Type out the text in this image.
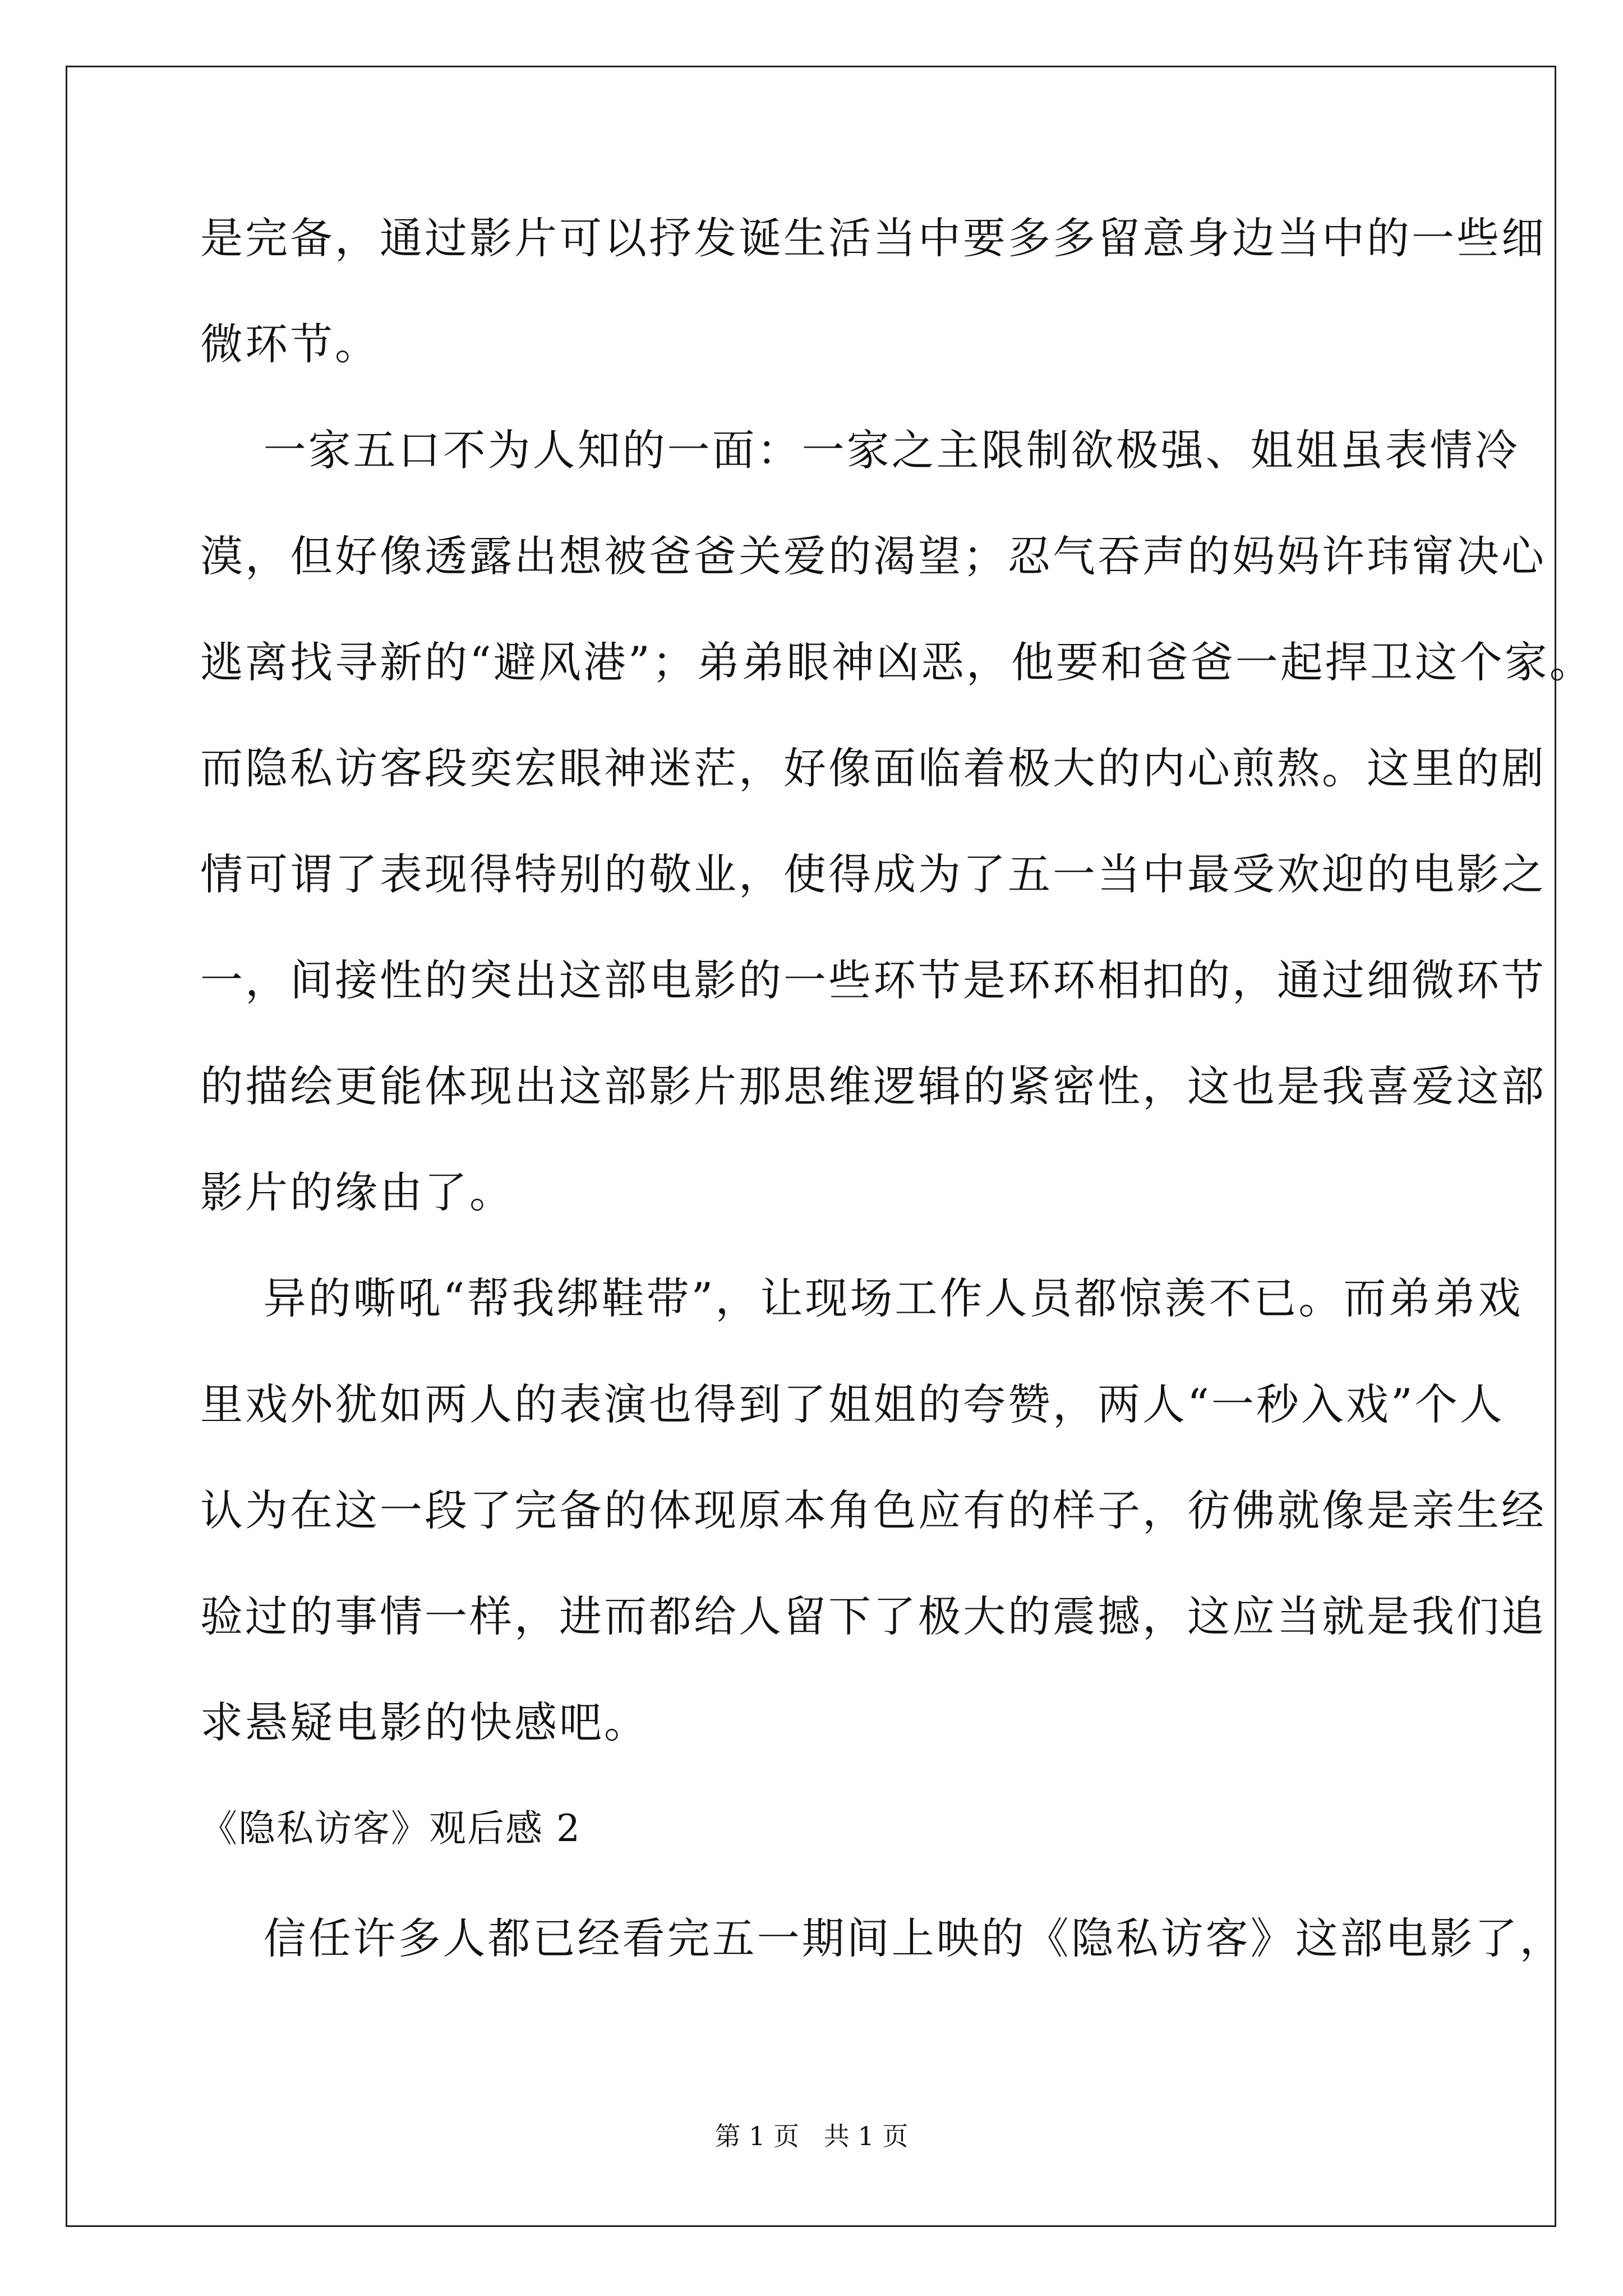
是完备，通过影片可以抒发诞生活当中要多多留意身边当中的一些细
微环节。
一家五口不为人知的一面：一家之主限制欲极强、姐姐虽表情冷
漠，但好像透露出想被爸爸关爱的渴望；忍气吞声的妈妈许玮甯决心
逃离找寻新的“避风港”；弟弟眼神凶恶，他要和爸爸一起捍卫这个家。
而隐私访客段奕宏眼神迷茫，好像面临着极大的内心煎熬。这里的剧
情可谓了表现得特别的敬业，使得成为了五一当中最受欢迎的电影之
一，间接性的突出这部电影的一些环节是环环相扣的，通过细微环节
的描绘更能体现出这部影片那思维逻辑的紧密性，这也是我喜爱这部
影片的缘由了。
异的嘶吼“帮我绑鞋带”，让现场工作人员都惊羡不已。而弟弟戏
里戏外犹如两人的表演也得到了姐姐的夸赞，两人“一秒入戏”个人
认为在这一段了完备的体现原本角色应有的样子，彷佛就像是亲生经
验过的事情一样，进而都给人留下了极大的震撼，这应当就是我们追
求悬疑电影的快感吧。
《隐私访客》观后感 2
信任许多人都已经看完五一期间上映的《隐私访客》这部电影了，
第 1 页   共 1 页
